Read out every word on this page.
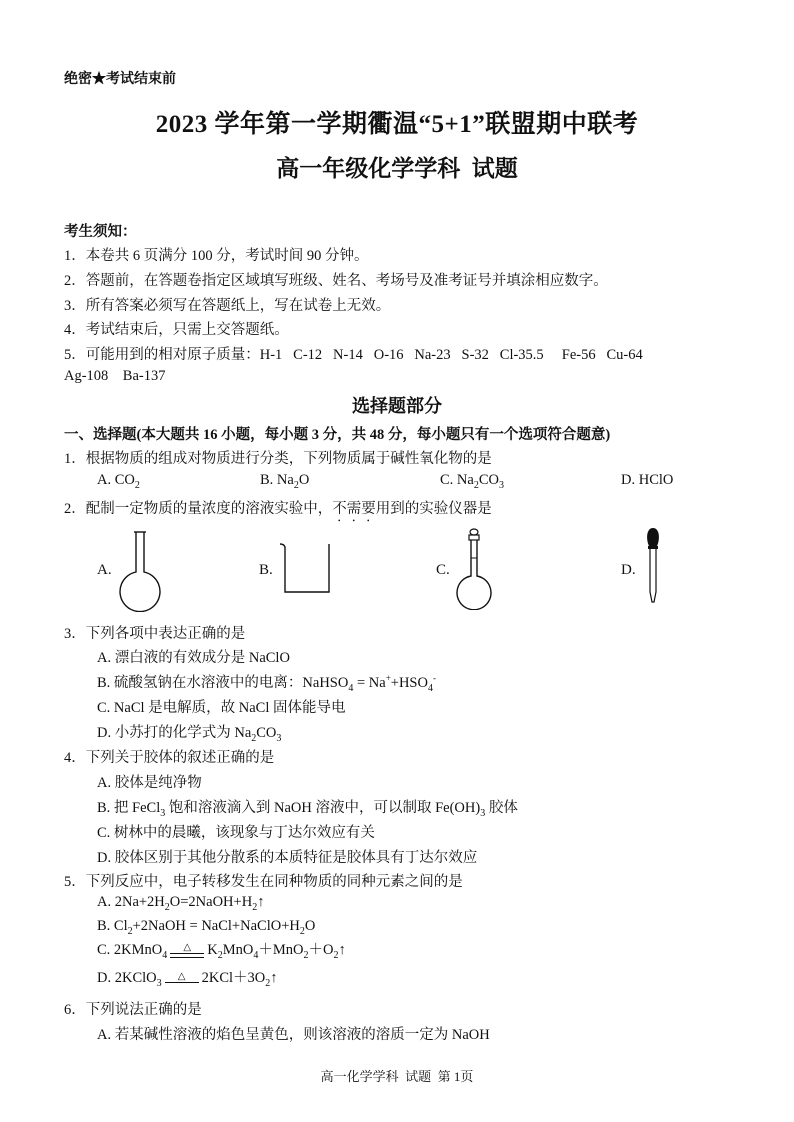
绝密★考试结束前
2023 学年第一学期衢温“5+1”联盟期中联考
高一年级化学学科  试题
考生须知：
1．本卷共 6 页满分 100 分，考试时间 90 分钟。
2．答题前，在答题卷指定区域填写班级、姓名、考场号及准考证号并填涂相应数字。
3．所有答案必须写在答题纸上，写在试卷上无效。
4．考试结束后，只需上交答题纸。
5．可能用到的相对原子质量：H-1   C-12   N-14   O-16   Na-23   S-32   Cl-35.5     Fe-56   Cu-64
Ag-108    Ba-137
选择题部分
一、选择题(本大题共 16 小题，每小题 3 分，共 48 分，每小题只有一个选项符合题意)
1．根据物质的组成对物质进行分类，下列物质属于碱性氧化物的是
A. $CO_2$	B. $Na_2O$	C. $Na_2CO_3$	D. HClO
2．配制一定物质的量浓度的溶液实验中，不需要用到的实验仪器是
A.	B.	C.	D.
3．下列各项中表达正确的是
A. 漂白液的有效成分是 NaClO
B. 硫酸氢钠在水溶液中的电离：NaHSO$_4$ = $Na^++HSO_4^-$
C. NaCl 是电解质，故 NaCl 固体能导电
D. 小苏打的化学式为 $Na_2CO_3$
4．下列关于胶体的叙述正确的是
A. 胶体是纯净物
B. 把 FeCl$_3$ 饱和溶液滴入到 NaOH 溶液中，可以制取 $Fe(OH)_3$ 胶体
C. 树林中的晨曦，该现象与丁达尔效应有关
D. 胶体区别于其他分散系的本质特征是胶体具有丁达尔效应
5．下列反应中，电子转移发生在同种物质的同种元素之间的是
A. $2Na+2H_2O=2NaOH+H_2↑$
B. $Cl_2+2NaOH$ = $NaCl+NaClO+H_2O$
C. 2KMnO$_4$
△	$K_2MnO_4+MnO_2+O_2↑$
D. 2KClO$_3$
△	$2KCl+3O_2↑$
6．下列说法正确的是
A. 若某碱性溶液的焰色呈黄色，则该溶液的溶质一定为 NaOH
高一化学学科  试题  第 1页
